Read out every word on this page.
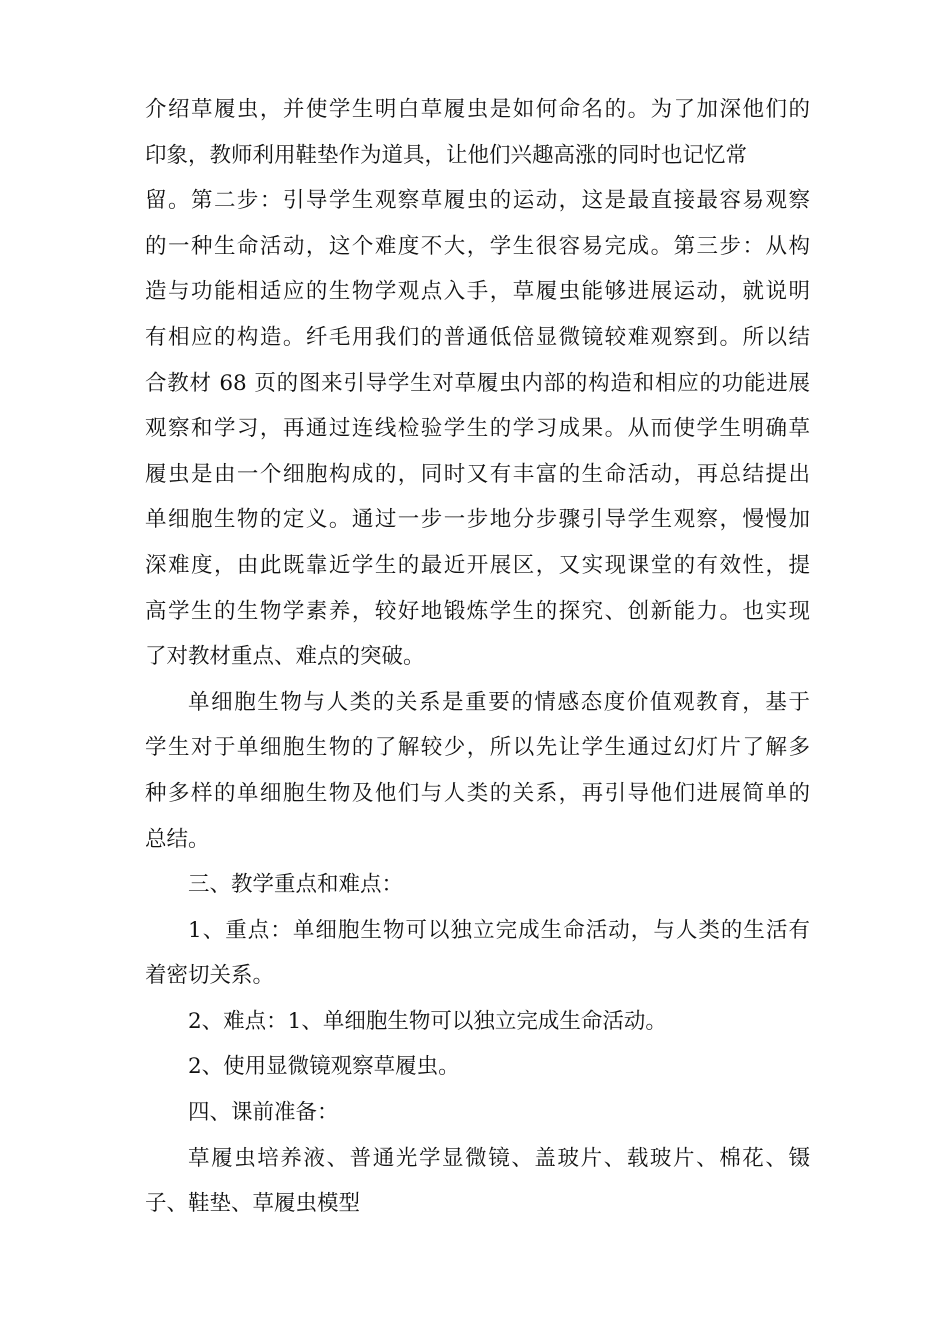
介绍草履虫，并使学生明白草履虫是如何命名的。为了加深他们的
印象，教师利用鞋垫作为道具，让他们兴趣高涨的同时也记忆常
留。第二步：引导学生观察草履虫的运动，这是最直接最容易观察
的一种生命活动，这个难度不大，学生很容易完成。第三步：从构
造与功能相适应的生物学观点入手，草履虫能够进展运动，就说明
有相应的构造。纤毛用我们的普通低倍显微镜较难观察到。所以结
合教材 68 页的图来引导学生对草履虫内部的构造和相应的功能进展
观察和学习，再通过连线检验学生的学习成果。从而使学生明确草
履虫是由一个细胞构成的，同时又有丰富的生命活动，再总结提出
单细胞生物的定义。通过一步一步地分步骤引导学生观察，慢慢加
深难度，由此既靠近学生的最近开展区，又实现课堂的有效性，提
高学生的生物学素养，较好地锻炼学生的探究、创新能力。也实现
了对教材重点、难点的突破。
单细胞生物与人类的关系是重要的情感态度价值观教育，基于
学生对于单细胞生物的了解较少，所以先让学生通过幻灯片了解多
种多样的单细胞生物及他们与人类的关系，再引导他们进展简单的
总结。
三、教学重点和难点：
1、重点：单细胞生物可以独立完成生命活动，与人类的生活有
着密切关系。
2、难点：1、单细胞生物可以独立完成生命活动。
2、使用显微镜观察草履虫。
四、课前准备：
草履虫培养液、普通光学显微镜、盖玻片、载玻片、棉花、镊
子、鞋垫、草履虫模型
